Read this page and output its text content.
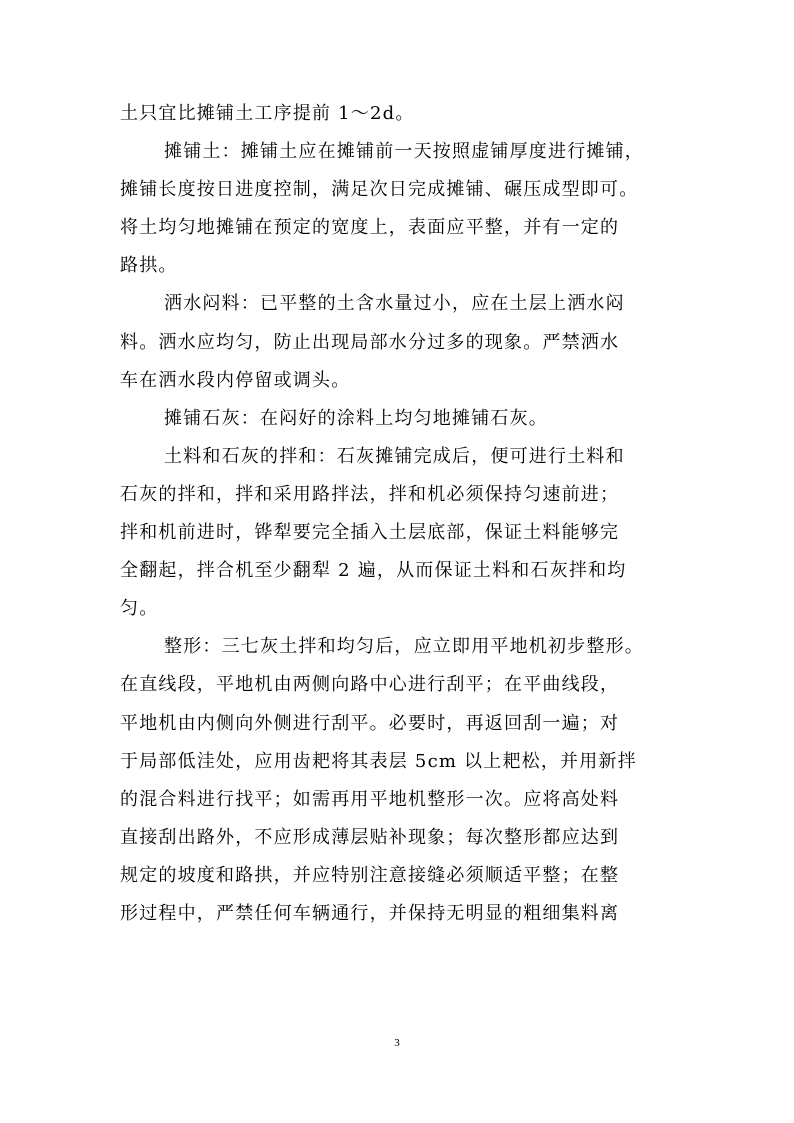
土只宜比摊铺土工序提前 1～2d。
摊铺土：摊铺土应在摊铺前一天按照虚铺厚度进行摊铺，
摊铺长度按日进度控制，满足次日完成摊铺、碾压成型即可。
将土均匀地摊铺在预定的宽度上，表面应平整，并有一定的
路拱。
洒水闷料：已平整的土含水量过小，应在土层上洒水闷
料。洒水应均匀，防止出现局部水分过多的现象。严禁洒水
车在洒水段内停留或调头。
摊铺石灰：在闷好的涂料上均匀地摊铺石灰。
土料和石灰的拌和：石灰摊铺完成后，便可进行土料和
石灰的拌和，拌和采用路拌法，拌和机必须保持匀速前进；
拌和机前进时，铧犁要完全插入土层底部，保证土料能够完
全翻起，拌合机至少翻犁 2 遍，从而保证土料和石灰拌和均
匀。
整形：三七灰土拌和均匀后，应立即用平地机初步整形。
在直线段，平地机由两侧向路中心进行刮平；在平曲线段，
平地机由内侧向外侧进行刮平。必要时，再返回刮一遍；对
于局部低洼处，应用齿耙将其表层 5cm 以上耙松，并用新拌
的混合料进行找平；如需再用平地机整形一次。应将高处料
直接刮出路外，不应形成薄层贴补现象；每次整形都应达到
规定的坡度和路拱，并应特别注意接缝必须顺适平整；在整
形过程中，严禁任何车辆通行，并保持无明显的粗细集料离
3
